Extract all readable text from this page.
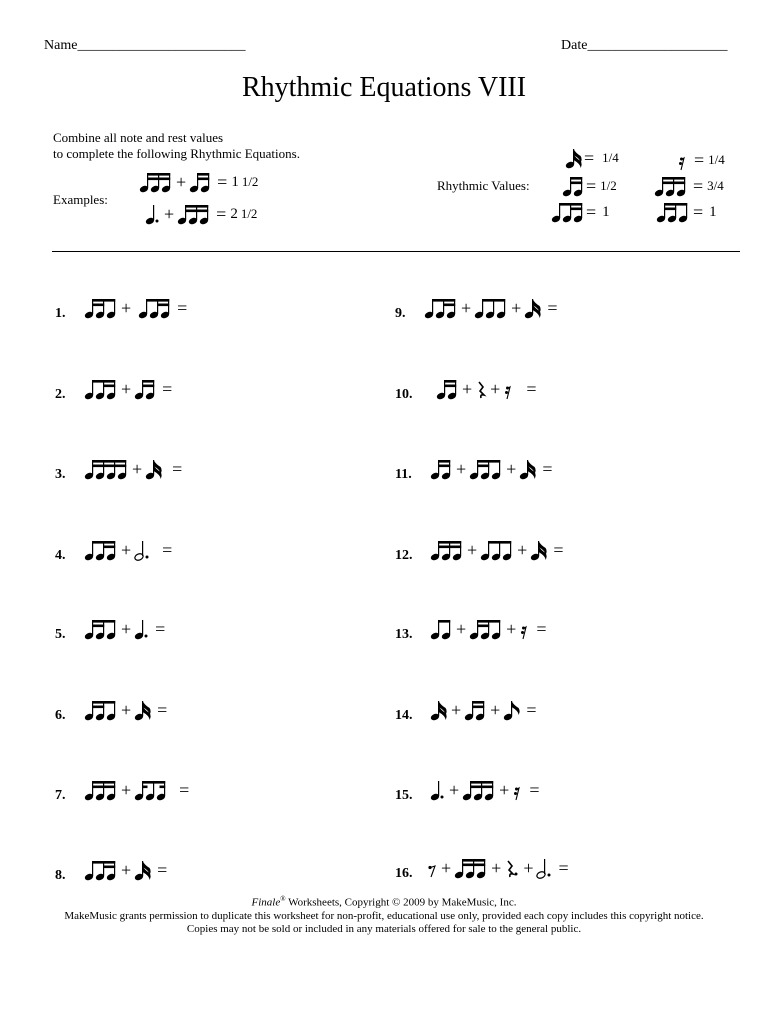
Name________________________	Date____________________
Rhythmic Equations VIII
Combine all note and rest values
to complete the following Rhythmic Equations.
Examples:
+ = 1 1/2
+ = 2 1/2
Rhythmic Values:
= 1/4	= 1/4
= 1/2	= 3/4
= 1	= 1
1.	+	=
2.	+ =
3.	+ =
4.	+ =
5.	+ =
6.	+ =
7.	+	=
8.	+ =
9.	+ + =
10.	+ + =
11. + + =
12.	+ + =
13. + + =
14. + + =
15. + + =
16. + + + =
Finale® Worksheets, Copyright © 2009 by MakeMusic, Inc.
MakeMusic grants permission to duplicate this worksheet for non-profit, educational use only, provided each copy includes this copyright notice.
Copies may not be sold or included in any materials offered for sale to the general public.
